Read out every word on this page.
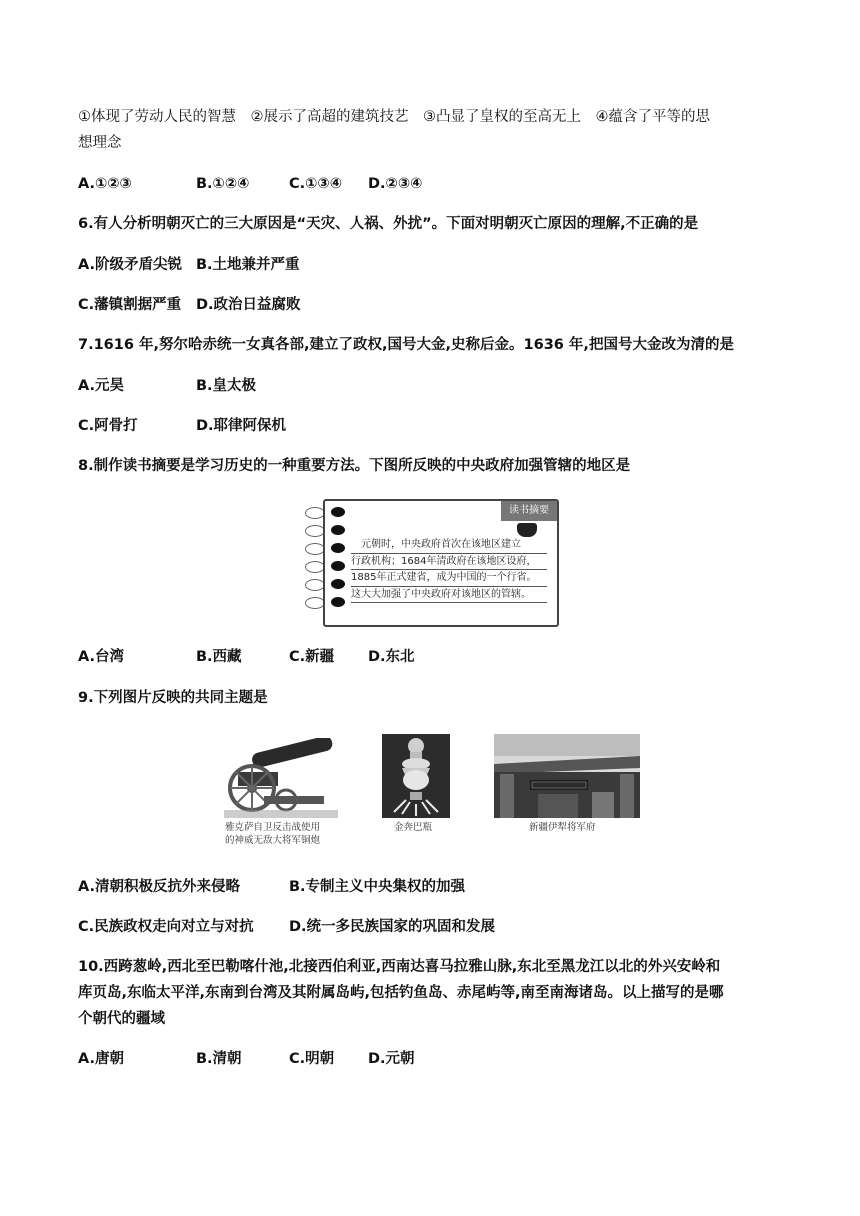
①体现了劳动人民的智慧　②展示了高超的建筑技艺　③凸显了皇权的至高无上　④蕴含了平等的思
想理念
A.①②③	B.①②④	C.①③④ D.②③④
6.有人分析明朝灭亡的三大原因是“天灾、人祸、外扰”。下面对明朝灭亡原因的理解,不正确的是
A.阶级矛盾尖锐 B.土地兼并严重
C.藩镇割据严重 D.政治日益腐败
7.1616 年,努尔哈赤统一女真各部,建立了政权,国号大金,史称后金。1636 年,把国号大金改为清的是
A.元昊	B.皇太极
C.阿骨打	D.耶律阿保机
8.制作读书摘要是学习历史的一种重要方法。下图所反映的中央政府加强管辖的地区是
读书摘要
　元朝时，中央政府首次在该地区建立
行政机构；1684年清政府在该地区设府，
1885年正式建省，成为中国的一个行省。
这大大加强了中央政府对该地区的管辖。
A.台湾	B.西藏	C.新疆 D.东北
9.下列图片反映的共同主题是
雅克萨自卫反击战使用
的神威无敌大将军铜炮
金奔巴瓶	新疆伊犁将军府
A.清朝积极反抗外来侵略	B.专制主义中央集权的加强
C.民族政权走向对立与对抗 D.统一多民族国家的巩固和发展
10.西跨葱岭,西北至巴勒喀什池,北接西伯利亚,西南达喜马拉雅山脉,东北至黑龙江以北的外兴安岭和
库页岛,东临太平洋,东南到台湾及其附属岛屿,包括钓鱼岛、赤尾屿等,南至南海诸岛。以上描写的是哪
个朝代的疆域
A.唐朝	B.清朝	C.明朝 D.元朝
